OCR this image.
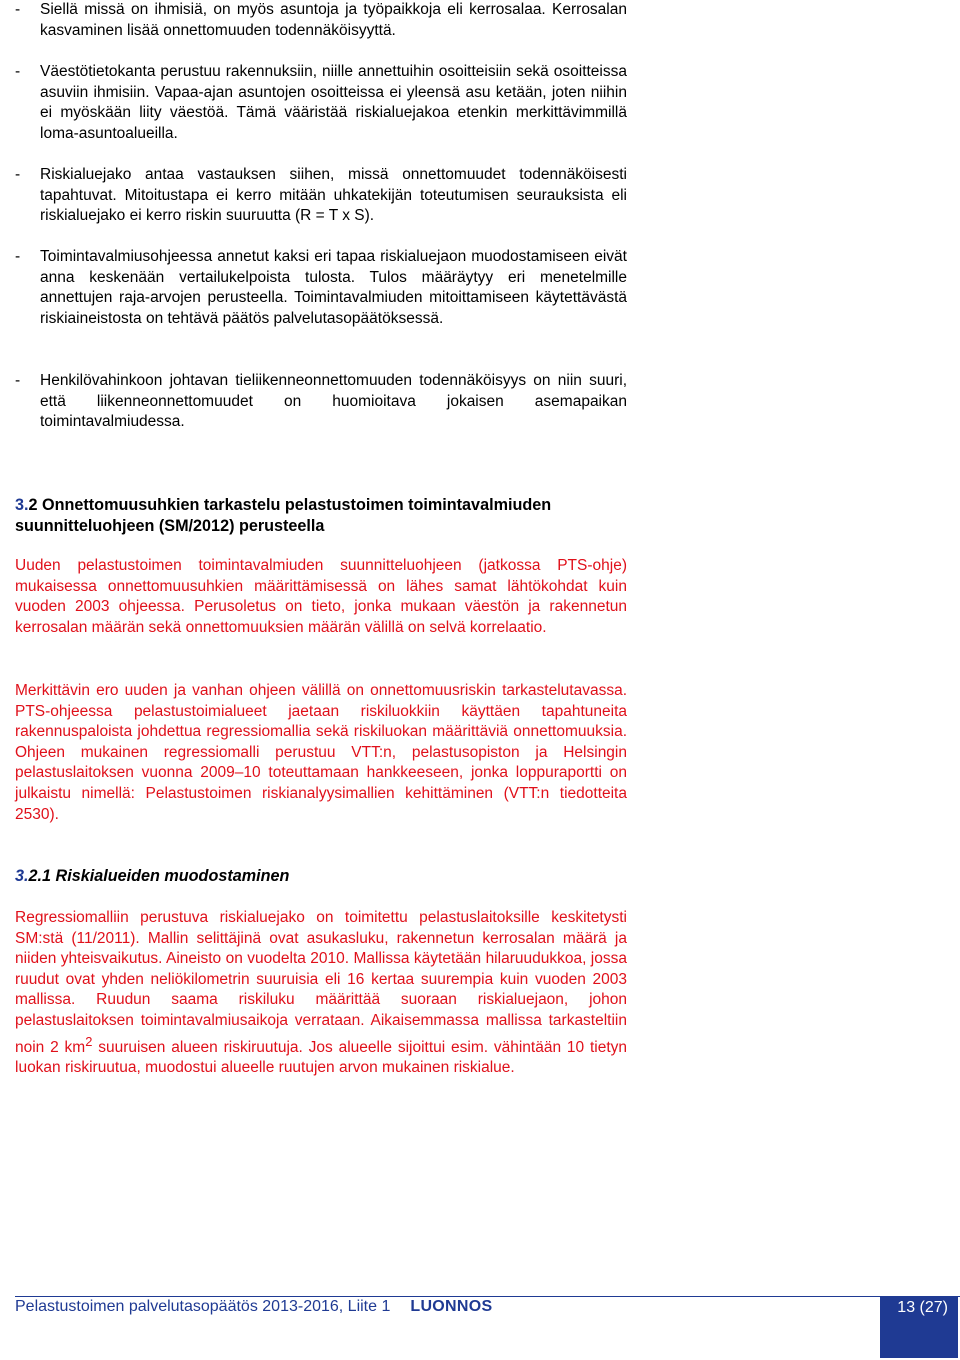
- Siellä missä on ihmisiä, on myös asuntoja ja työpaikkoja eli kerrosalaa. Kerrosalan kasvaminen lisää onnettomuuden todennäköisyyttä.
- Väestötietokanta perustuu rakennuksiin, niille annettuihin osoitteisiin sekä osoitteissa asuviin ihmisiin. Vapaa-ajan asuntojen osoitteissa ei yleensä asu ketään, joten niihin ei myöskään liity väestöä. Tämä vääristää riskialuejakoa etenkin merkittävimmillä loma-asuntoalueilla.
- Riskialuejako antaa vastauksen siihen, missä onnettomuudet todennäköisesti tapahtuvat. Mitoitustapa ei kerro mitään uhkatekijän toteutumisen seurauksista eli riskialuejako ei kerro riskin suuruutta (R = T x S).
- Toimintavalmiusohjeessa annetut kaksi eri tapaa riskialuejaon muodostamiseen eivät anna keskenään vertailukelpoista tulosta. Tulos määräytyy eri menetelmille annettujen raja-arvojen perusteella. Toimintavalmiuden mitoittamiseen käytettävästä riskiaineistosta on tehtävä päätös palvelutasopäätöksessä.
- Henkilövahinkoon johtavan tieliikenneonnettomuuden todennäköisyys on niin suuri, että liikenneonnettomuudet on huomioitava jokaisen asemapaikan toimintavalmiudessa.
3.2 Onnettomuusuhkien tarkastelu pelastustoimen toimintavalmiuden suunnitteluohjeen (SM/2012) perusteella
Uuden pelastustoimen toimintavalmiuden suunnitteluohjeen (jatkossa PTS-ohje) mukaisessa onnettomuusuhkien määrittämisessä on lähes samat lähtökohdat kuin vuoden 2003 ohjeessa. Perusoletus on tieto, jonka mukaan väestön ja rakennetun kerrosalan määrän sekä onnettomuuksien määrän välillä on selvä korrelaatio.
Merkittävin ero uuden ja vanhan ohjeen välillä on onnettomuusriskin tarkastelutavassa. PTS-ohjeessa pelastustoimialueet jaetaan riskiluokkiin käyttäen tapahtuneita rakennuspaloista johdettua regressiomallia sekä riskiluokan määrittäviä onnettomuuksia. Ohjeen mukainen regressiomalli perustuu VTT:n, pelastusopiston ja Helsingin pelastuslaitoksen vuonna 2009–10 toteuttamaan hankkeeseen, jonka loppuraportti on julkaistu nimellä: Pelastustoimen riskianalyysimallien kehittäminen (VTT:n tiedotteita 2530).
3.2.1 Riskialueiden muodostaminen
Regressiomalliin perustuva riskialuejako on toimitettu pelastuslaitoksille keskitetysti SM:stä (11/2011). Mallin selittäjinä ovat asukasluku, rakennetun kerrosalan määrä ja niiden yhteisvaikutus. Aineisto on vuodelta 2010. Mallissa käytetään hilaruudukkoa, jossa ruudut ovat yhden neliökilometrin suuruisia eli 16 kertaa suurempia kuin vuoden 2003 mallissa. Ruudun saama riskiluku määrittää suoraan riskialuejaon, johon pelastuslaitoksen toimintavalmiusaikoja verrataan. Aikaisemmassa mallissa tarkasteltiin noin 2 $km^2$ suuruisen alueen riskiruutuja. Jos alueelle sijoittui esim. vähintään 10 tietyn luokan riskiruutua, muodostui alueelle ruutujen arvon mukainen riskialue.
Pelastustoimen palvelutasopäätös 2013-2016, Liite 1 LUONNOS	13 (27)
